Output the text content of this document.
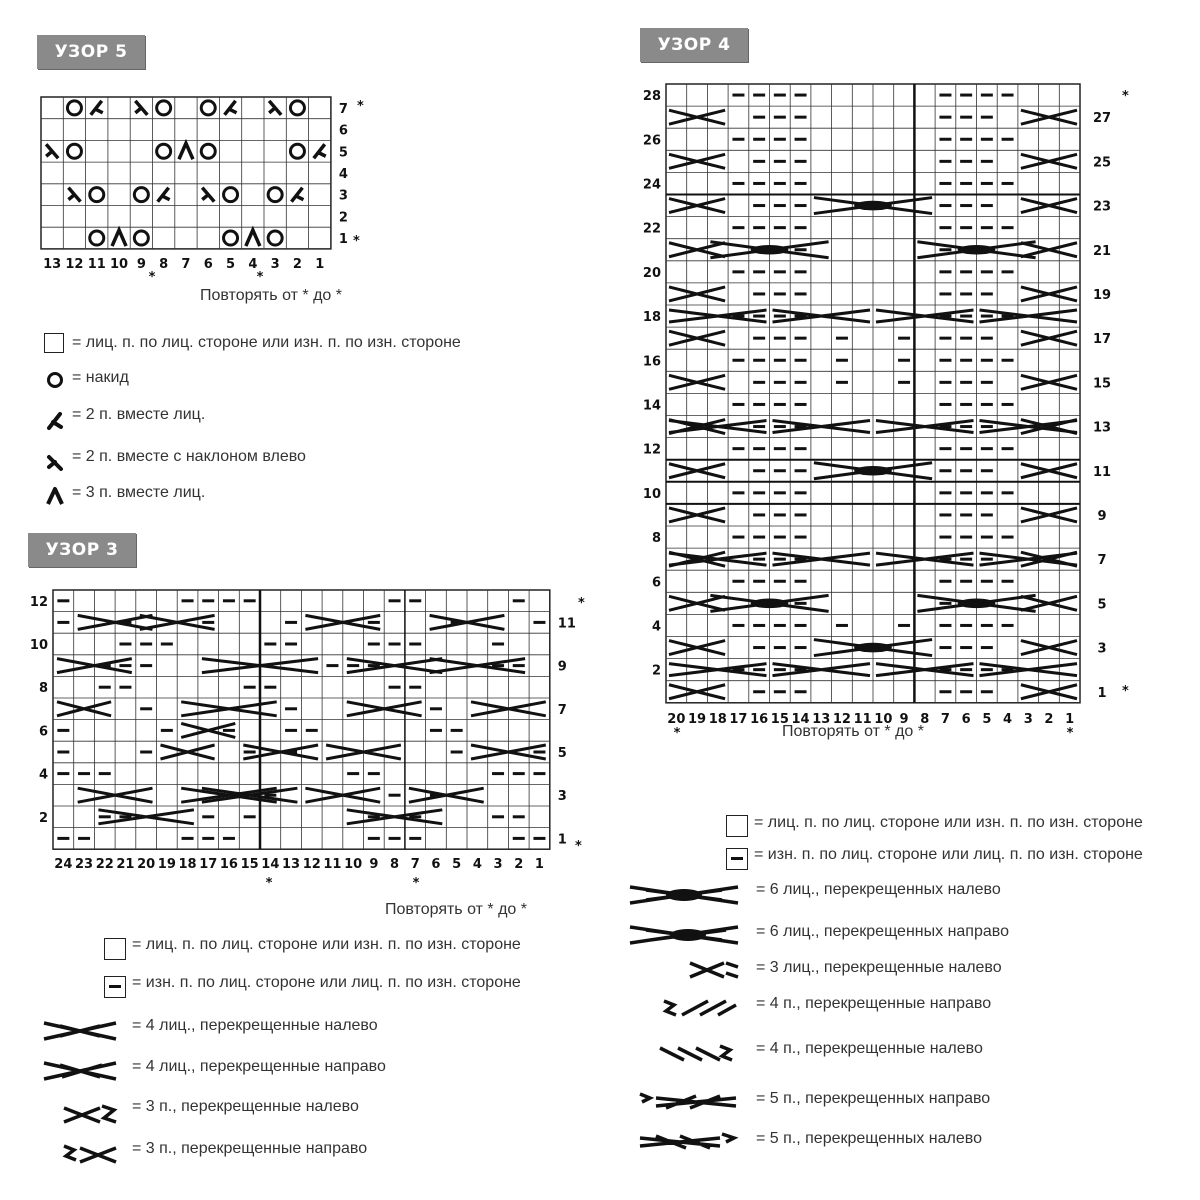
УЗОР 5
7
6
5
4
3
2
1
13 12 11 10 9 8 7 6 5 4 3 2 1
*
*
*	*
Повторять от * до *
= лиц. п. по лиц. стороне или изн. п. по изн. стороне
= накид
= 2 п. вместе лиц.
= 2 п. вместе с наклоном влево
= 3 п. вместе лиц.
УЗОР 3
12
10
8
6
4
2
11
9
7
5
3
1
24 23 22 21 20 19 18 17 16 15 14 13 12 11 10 9 8 7 6 5 4 3 2 1
*
*
*	*
Повторять от * до *
= лиц. п. по лиц. стороне или изн. п. по изн. стороне
= изн. п. по лиц. стороне или лиц. п. по изн. стороне
= 4 лиц., перекрещенные налево
= 4 лиц., перекрещенные направо
= 3 п., перекрещенные налево
= 3 п., перекрещенные направо
УЗОР 4
28
26
24
22
20
18
16
14
12
10
8
6
4
2
27
25
23
21
19
17
15
13
11
9
7
5
3
1
20 19 18 17 16 15 14 13 12 11 10 9 8 7 6 5 4 3 2 1
*
*
*	*
Повторять от * до *
= лиц. п. по лиц. стороне или изн. п. по изн. стороне
= изн. п. по лиц. стороне или лиц. п. по изн. стороне
= 6 лиц., перекрещенных налево
= 6 лиц., перекрещенных направо
= 3 лиц., перекрещенные налево
= 4 п., перекрещенные направо
= 4 п., перекрещенные налево
= 5 п., перекрещенных направо
= 5 п., перекрещенных налево
